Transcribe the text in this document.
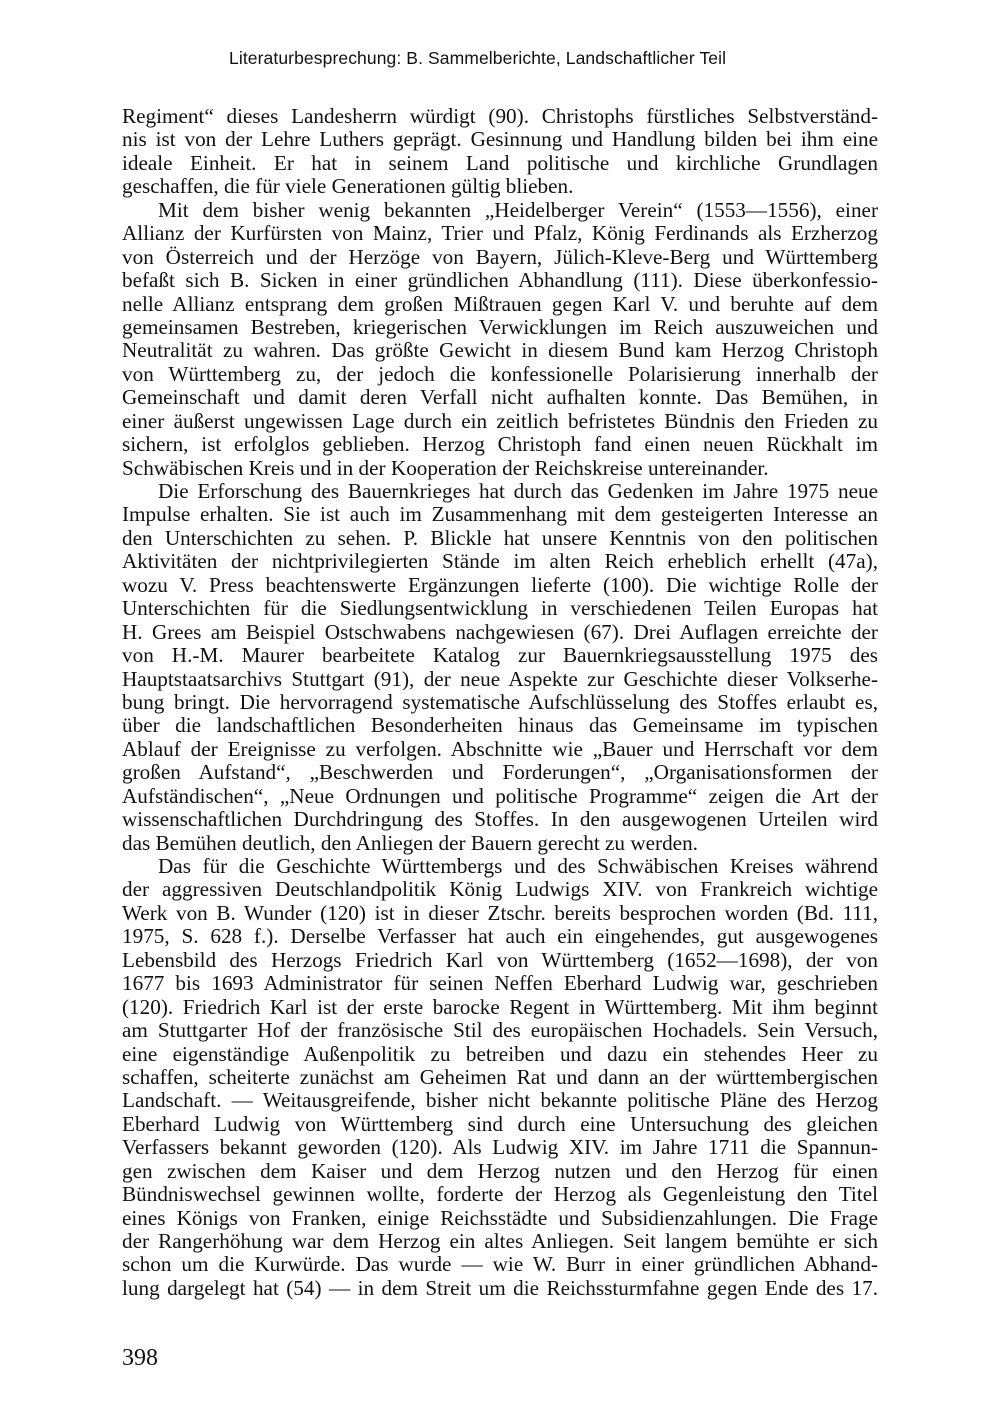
Literaturbesprechung: B. Sammelberichte, Landschaftlicher Teil
Regiment“ dieses Landesherrn würdigt (90). Christophs fürstliches Selbstverständ-
nis ist von der Lehre Luthers geprägt. Gesinnung und Handlung bilden bei ihm eine
ideale Einheit. Er hat in seinem Land politische und kirchliche Grundlagen
geschaffen, die für viele Generationen gültig blieben.
Mit dem bisher wenig bekannten „Heidelberger Verein“ (1553—1556), einer
Allianz der Kurfürsten von Mainz, Trier und Pfalz, König Ferdinands als Erzherzog
von Österreich und der Herzöge von Bayern, Jülich-Kleve-Berg und Württemberg
befaßt sich B. Sicken in einer gründlichen Abhandlung (111). Diese überkonfessio-
nelle Allianz entsprang dem großen Mißtrauen gegen Karl V. und beruhte auf dem
gemeinsamen Bestreben, kriegerischen Verwicklungen im Reich auszuweichen und
Neutralität zu wahren. Das größte Gewicht in diesem Bund kam Herzog Christoph
von Württemberg zu, der jedoch die konfessionelle Polarisierung innerhalb der
Gemeinschaft und damit deren Verfall nicht aufhalten konnte. Das Bemühen, in
einer äußerst ungewissen Lage durch ein zeitlich befristetes Bündnis den Frieden zu
sichern, ist erfolglos geblieben. Herzog Christoph fand einen neuen Rückhalt im
Schwäbischen Kreis und in der Kooperation der Reichskreise untereinander.
Die Erforschung des Bauernkrieges hat durch das Gedenken im Jahre 1975 neue
Impulse erhalten. Sie ist auch im Zusammenhang mit dem gesteigerten Interesse an
den Unterschichten zu sehen. P. Blickle hat unsere Kenntnis von den politischen
Aktivitäten der nichtprivilegierten Stände im alten Reich erheblich erhellt (47a),
wozu V. Press beachtenswerte Ergänzungen lieferte (100). Die wichtige Rolle der
Unterschichten für die Siedlungsentwicklung in verschiedenen Teilen Europas hat
H. Grees am Beispiel Ostschwabens nachgewiesen (67). Drei Auflagen erreichte der
von H.-M. Maurer bearbeitete Katalog zur Bauernkriegsausstellung 1975 des
Hauptstaatsarchivs Stuttgart (91), der neue Aspekte zur Geschichte dieser Volkserhe-
bung bringt. Die hervorragend systematische Aufschlüsselung des Stoffes erlaubt es,
über die landschaftlichen Besonderheiten hinaus das Gemeinsame im typischen
Ablauf der Ereignisse zu verfolgen. Abschnitte wie „Bauer und Herrschaft vor dem
großen Aufstand“, „Beschwerden und Forderungen“, „Organisationsformen der
Aufständischen“, „Neue Ordnungen und politische Programme“ zeigen die Art der
wissenschaftlichen Durchdringung des Stoffes. In den ausgewogenen Urteilen wird
das Bemühen deutlich, den Anliegen der Bauern gerecht zu werden.
Das für die Geschichte Württembergs und des Schwäbischen Kreises während
der aggressiven Deutschlandpolitik König Ludwigs XIV. von Frankreich wichtige
Werk von B. Wunder (120) ist in dieser Ztschr. bereits besprochen worden (Bd. 111,
1975, S. 628 f.). Derselbe Verfasser hat auch ein eingehendes, gut ausgewogenes
Lebensbild des Herzogs Friedrich Karl von Württemberg (1652—1698), der von
1677 bis 1693 Administrator für seinen Neffen Eberhard Ludwig war, geschrieben
(120). Friedrich Karl ist der erste barocke Regent in Württemberg. Mit ihm beginnt
am Stuttgarter Hof der französische Stil des europäischen Hochadels. Sein Versuch,
eine eigenständige Außenpolitik zu betreiben und dazu ein stehendes Heer zu
schaffen, scheiterte zunächst am Geheimen Rat und dann an der württembergischen
Landschaft. — Weitausgreifende, bisher nicht bekannte politische Pläne des Herzog
Eberhard Ludwig von Württemberg sind durch eine Untersuchung des gleichen
Verfassers bekannt geworden (120). Als Ludwig XIV. im Jahre 1711 die Spannun-
gen zwischen dem Kaiser und dem Herzog nutzen und den Herzog für einen
Bündniswechsel gewinnen wollte, forderte der Herzog als Gegenleistung den Titel
eines Königs von Franken, einige Reichsstädte und Subsidienzahlungen. Die Frage
der Rangerhöhung war dem Herzog ein altes Anliegen. Seit langem bemühte er sich
schon um die Kurwürde. Das wurde — wie W. Burr in einer gründlichen Abhand-
lung dargelegt hat (54) — in dem Streit um die Reichssturmfahne gegen Ende des 17.
398
